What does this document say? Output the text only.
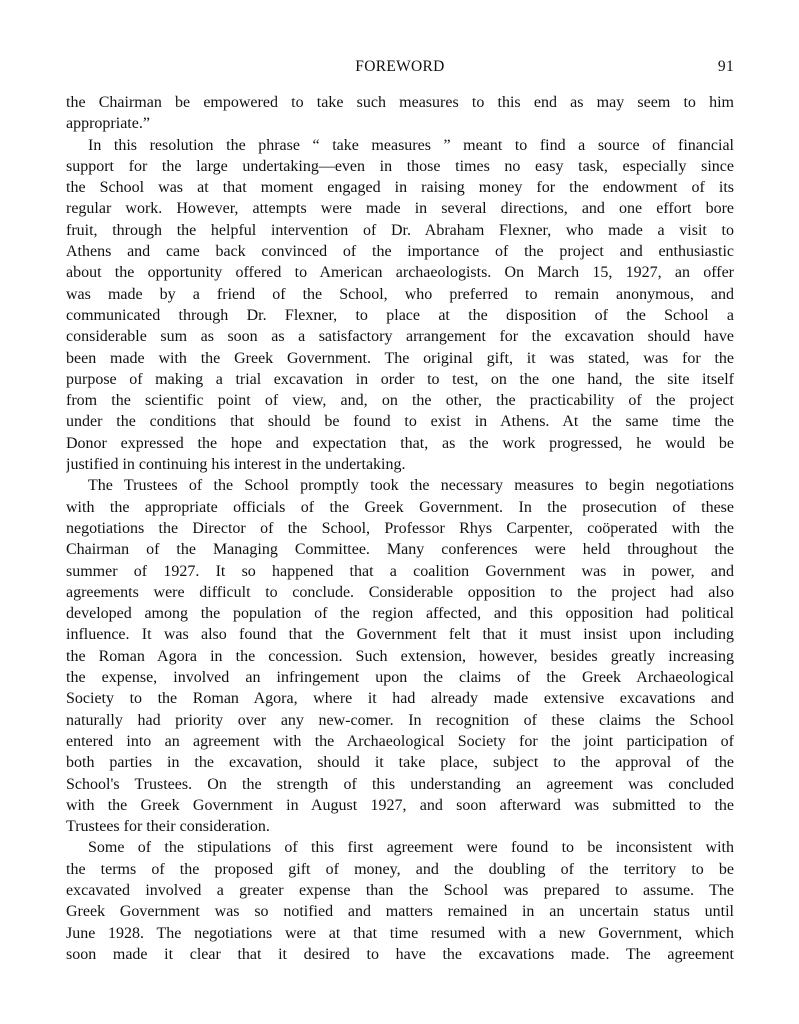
FOREWORD	91
the Chairman be empowered to take such measures to this end as may seem to him
appropriate.”
In this resolution the phrase “ take measures ” meant to find a source of financial
support for the large undertaking—even in those times no easy task, especially since
the School was at that moment engaged in raising money for the endowment of its
regular work. However, attempts were made in several directions, and one effort bore
fruit, through the helpful intervention of Dr. Abraham Flexner, who made a visit to
Athens and came back convinced of the importance of the project and enthusiastic
about the opportunity offered to American archaeologists. On March 15, 1927, an offer
was made by a friend of the School, who preferred to remain anonymous, and
communicated through Dr. Flexner, to place at the disposition of the School a
considerable sum as soon as a satisfactory arrangement for the excavation should have
been made with the Greek Government. The original gift, it was stated, was for the
purpose of making a trial excavation in order to test, on the one hand, the site itself
from the scientific point of view, and, on the other, the practicability of the project
under the conditions that should be found to exist in Athens. At the same time the
Donor expressed the hope and expectation that, as the work progressed, he would be
justified in continuing his interest in the undertaking.
The Trustees of the School promptly took the necessary measures to begin negotiations
with the appropriate officials of the Greek Government. In the prosecution of these
negotiations the Director of the School, Professor Rhys Carpenter, coöperated with the
Chairman of the Managing Committee. Many conferences were held throughout the
summer of 1927. It so happened that a coalition Government was in power, and
agreements were difficult to conclude. Considerable opposition to the project had also
developed among the population of the region affected, and this opposition had political
influence. It was also found that the Government felt that it must insist upon including
the Roman Agora in the concession. Such extension, however, besides greatly increasing
the expense, involved an infringement upon the claims of the Greek Archaeological
Society to the Roman Agora, where it had already made extensive excavations and
naturally had priority over any new-comer. In recognition of these claims the School
entered into an agreement with the Archaeological Society for the joint participation of
both parties in the excavation, should it take place, subject to the approval of the
School's Trustees. On the strength of this understanding an agreement was concluded
with the Greek Government in August 1927, and soon afterward was submitted to the
Trustees for their consideration.
Some of the stipulations of this first agreement were found to be inconsistent with
the terms of the proposed gift of money, and the doubling of the territory to be
excavated involved a greater expense than the School was prepared to assume. The
Greek Government was so notified and matters remained in an uncertain status until
June 1928. The negotiations were at that time resumed with a new Government, which
soon made it clear that it desired to have the excavations made. The agreement
